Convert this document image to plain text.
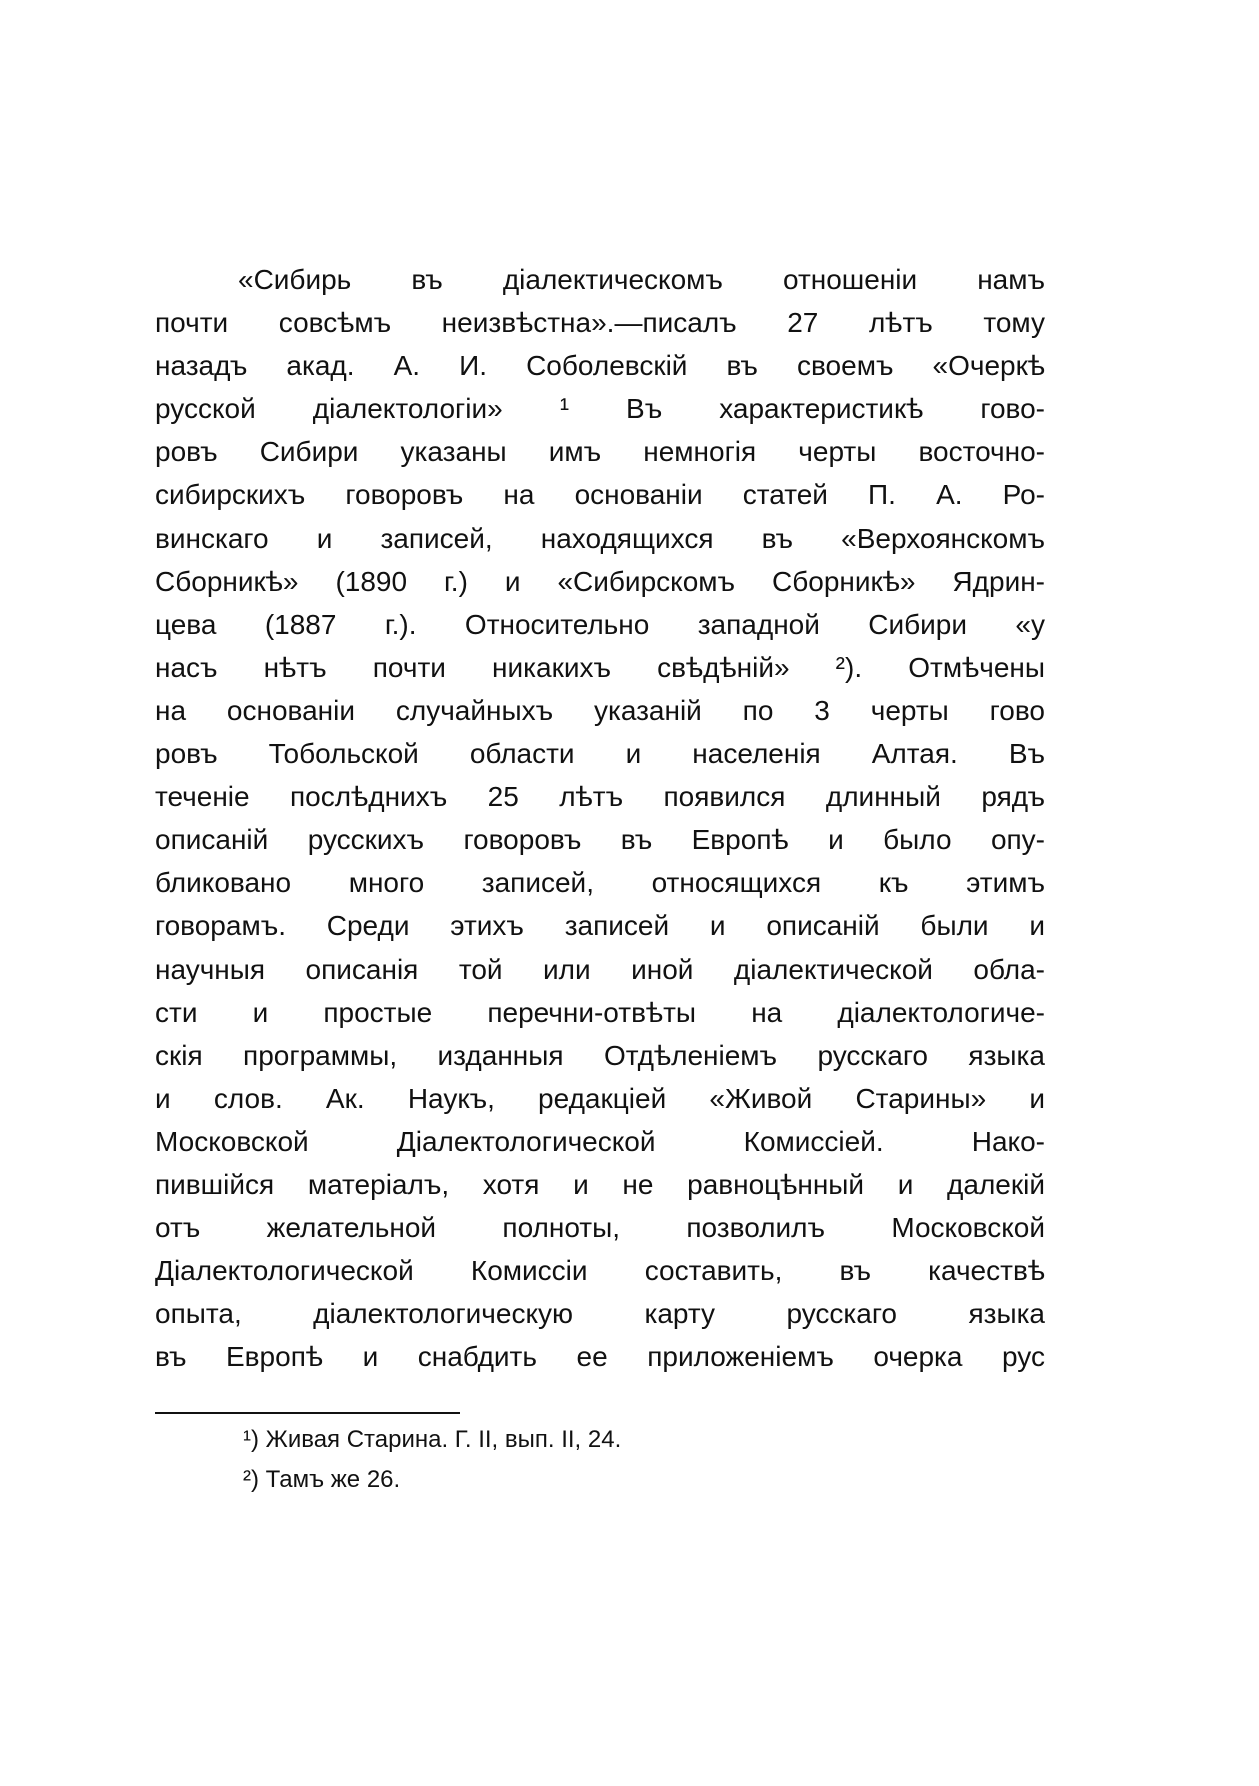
«Сибирь въ діалектическомъ отношеніи намъ
почти совсѣмъ неизвѣстна».—писалъ 27 лѣтъ тому
назадъ акад. А. И. Соболевскій въ своемъ «Очеркѣ
русской діалектологіи» ¹ Въ характеристикѣ гово-
ровъ Сибири указаны имъ немногія черты восточно-
сибирскихъ говоровъ на основаніи статей П. А. Ро-
винскаго и записей, находящихся въ «Верхоянскомъ
Сборникѣ» (1890 г.) и «Сибирскомъ Сборникѣ» Ядрин-
цева (1887 г.). Относительно западной Сибири «у
насъ нѣтъ почти никакихъ свѣдѣній» ²). Отмѣчены
на основаніи случайныхъ указаній по 3 черты гово
ровъ Тобольской области и населенія Алтая. Въ
теченіе послѣднихъ 25 лѣтъ появился длинный рядъ
описаній русскихъ говоровъ въ Европѣ и было опу-
бликовано много записей, относящихся къ этимъ
говорамъ. Среди этихъ записей и описаній были и
научныя описанія той или иной діалектической обла-
сти и простые перечни-отвѣты на діалектологиче-
скія программы, изданныя Отдѣленіемъ русскаго языка
и слов. Ак. Наукъ, редакціей «Живой Старины» и
Московской Діалектологической Комиссіей. Нако-
пившійся матеріалъ, хотя и не равноцѣнный и далекій
отъ желательной полноты, позволилъ Московской
Діалектологической Комиссіи составить, въ качествѣ
опыта, діалектологическую карту русскаго языка
въ Европѣ и снабдить ее приложеніемъ очерка рус
¹) Живая Старина. Г. II, вып. II, 24.
²) Тамъ же 26.
